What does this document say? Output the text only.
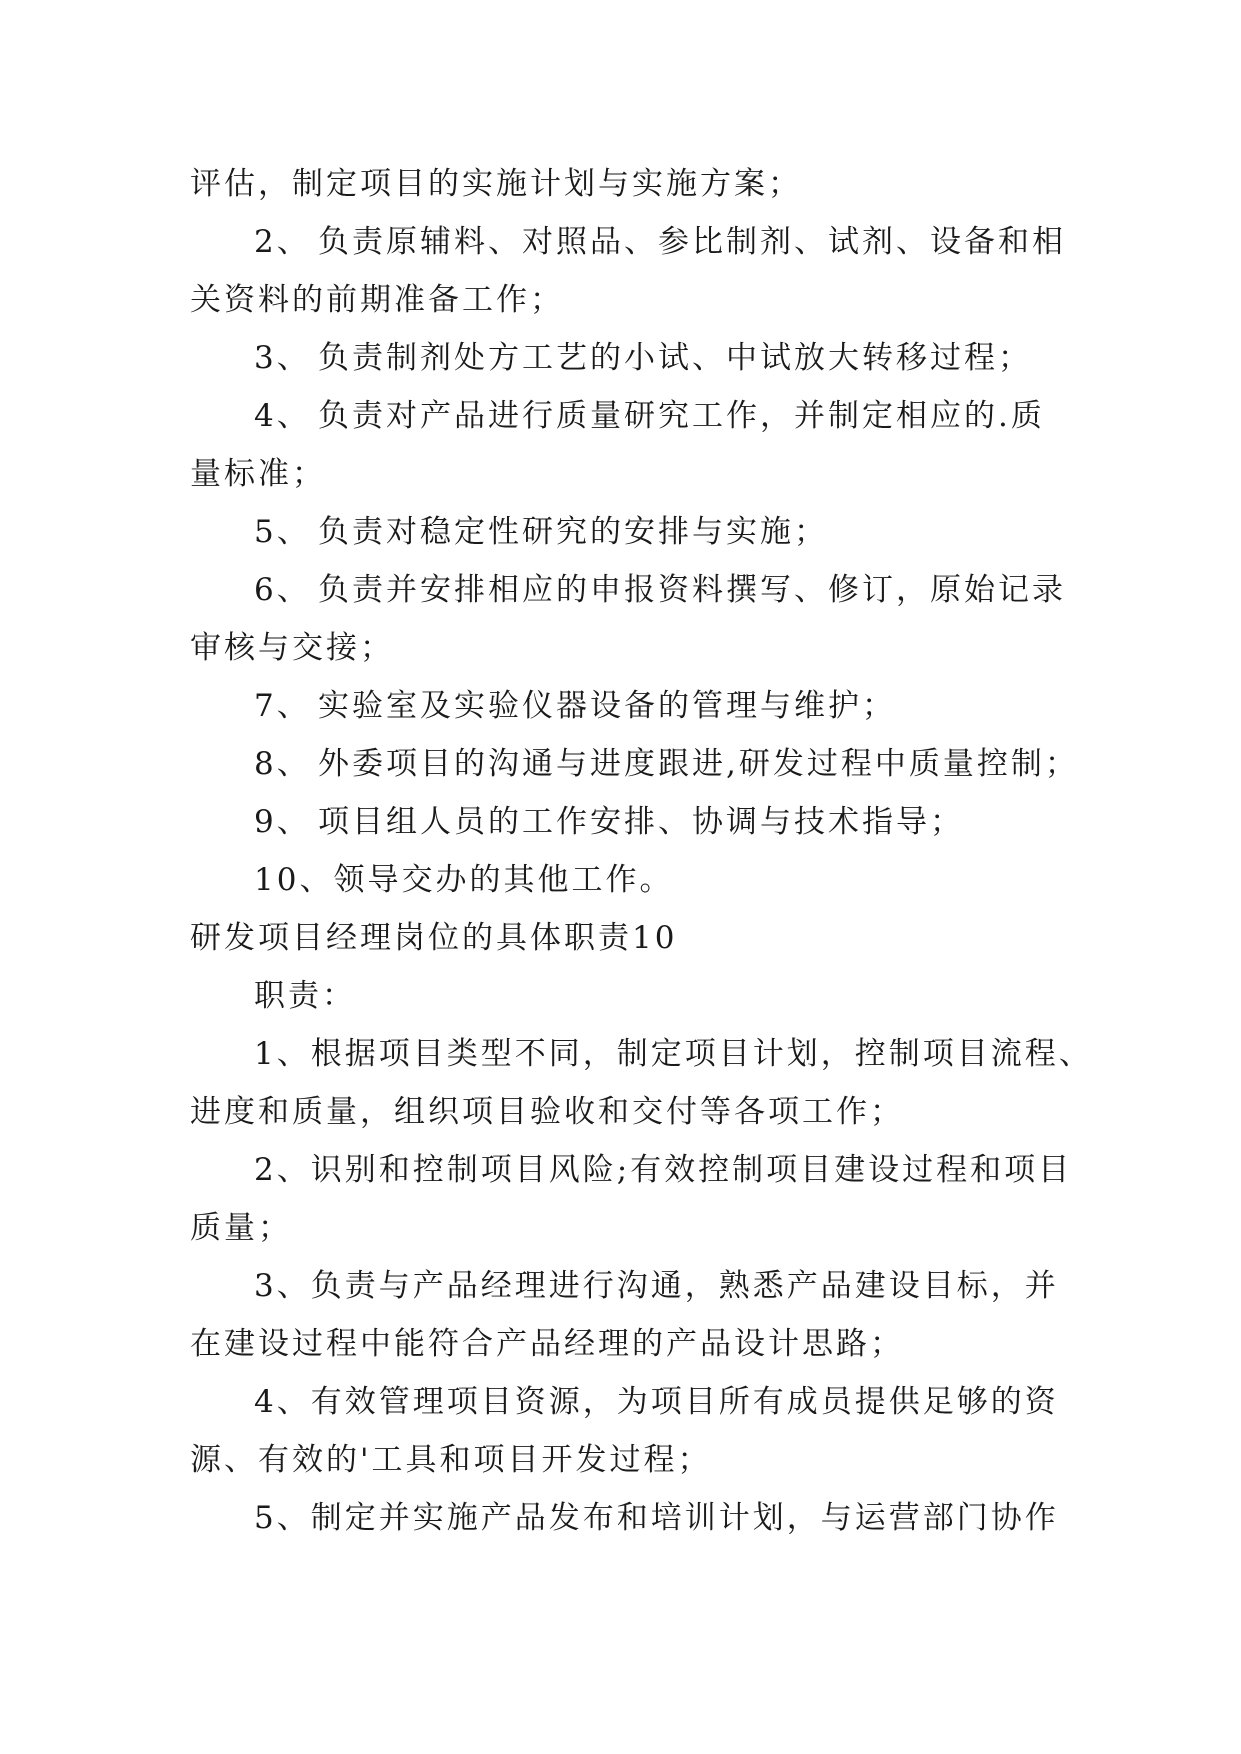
评估，制定项目的实施计划与实施方案；
2、 负责原辅料、对照品、参比制剂、试剂、设备和相
关资料的前期准备工作；
3、 负责制剂处方工艺的小试、中试放大转移过程；
4、 负责对产品进行质量研究工作，并制定相应的.质
量标准；
5、 负责对稳定性研究的安排与实施；
6、 负责并安排相应的申报资料撰写、修订，原始记录
审核与交接；
7、 实验室及实验仪器设备的管理与维护；
8、 外委项目的沟通与进度跟进,研发过程中质量控制；
9、 项目组人员的工作安排、协调与技术指导；
10、领导交办的其他工作。
研发项目经理岗位的具体职责10
职责：
1、根据项目类型不同，制定项目计划，控制项目流程、
进度和质量，组织项目验收和交付等各项工作；
2、识别和控制项目风险;有效控制项目建设过程和项目
质量；
3、负责与产品经理进行沟通，熟悉产品建设目标，并
在建设过程中能符合产品经理的产品设计思路；
4、有效管理项目资源，为项目所有成员提供足够的资
源、有效的'工具和项目开发过程；
5、制定并实施产品发布和培训计划，与运营部门协作
